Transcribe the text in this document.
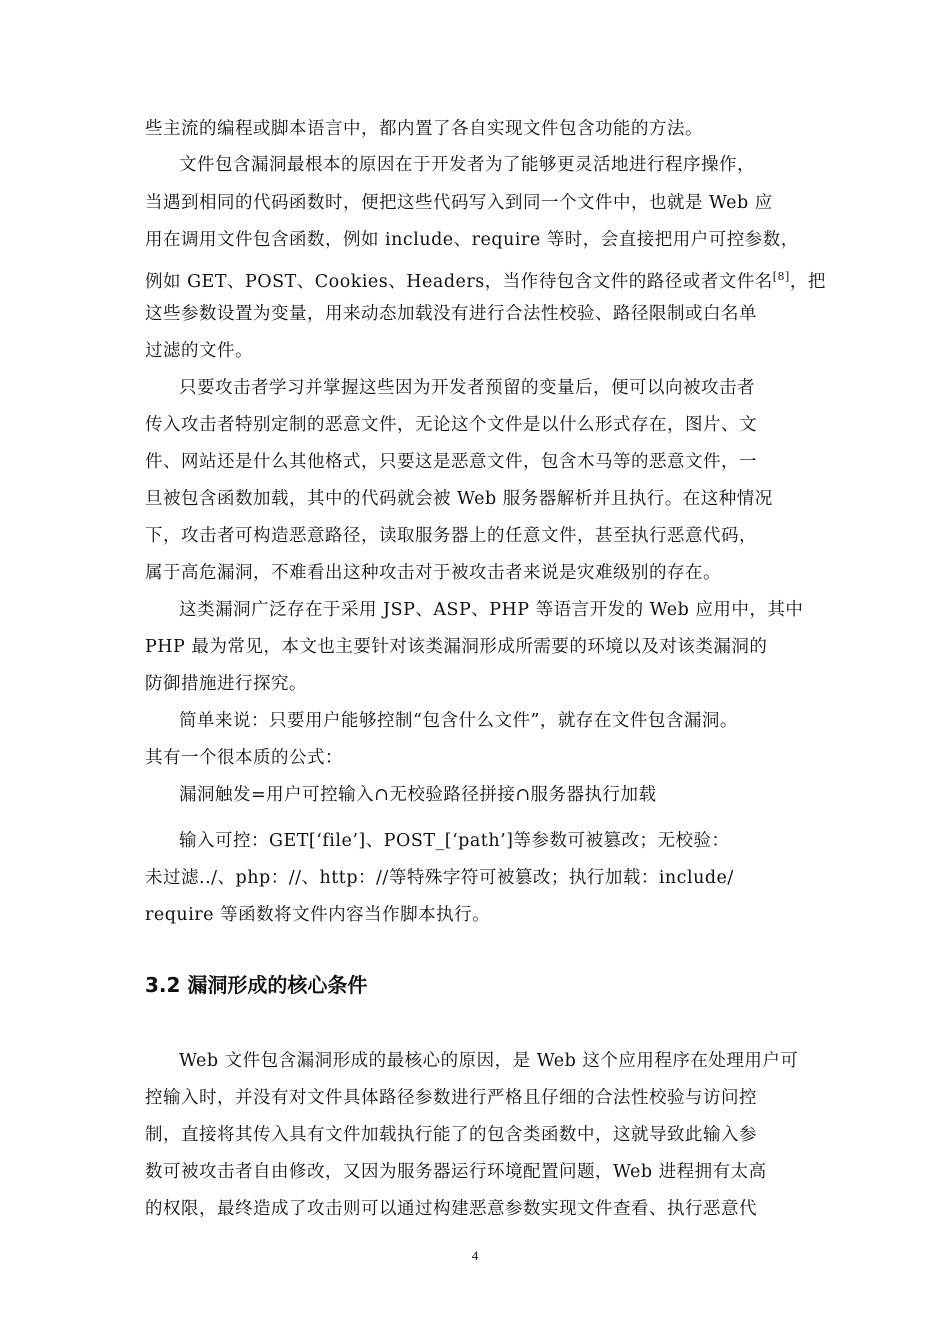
些主流的编程或脚本语言中，都内置了各自实现文件包含功能的方法。
文件包含漏洞最根本的原因在于开发者为了能够更灵活地进行程序操作，
当遇到相同的代码函数时，便把这些代码写入到同一个文件中，也就是 Web 应
用在调用文件包含函数，例如 include、require 等时，会直接把用户可控参数，
例如 GET、POST、Cookies、Headers，当作待包含文件的路径或者文件名[8]，把
这些参数设置为变量，用来动态加载没有进行合法性校验、路径限制或白名单
过滤的文件。
只要攻击者学习并掌握这些因为开发者预留的变量后，便可以向被攻击者
传入攻击者特别定制的恶意文件，无论这个文件是以什么形式存在，图片、文
件、网站还是什么其他格式，只要这是恶意文件，包含木马等的恶意文件，一
旦被包含函数加载，其中的代码就会被 Web 服务器解析并且执行。在这种情况
下，攻击者可构造恶意路径，读取服务器上的任意文件，甚至执行恶意代码，
属于高危漏洞，不难看出这种攻击对于被攻击者来说是灾难级别的存在。
这类漏洞广泛存在于采用 JSP、ASP、PHP 等语言开发的 Web 应用中，其中
PHP 最为常见，本文也主要针对该类漏洞形成所需要的环境以及对该类漏洞的
防御措施进行探究。
简单来说：只要用户能够控制“包含什么文件”，就存在文件包含漏洞。
其有一个很本质的公式：
漏洞触发=用户可控输入∩无校验路径拼接∩服务器执行加载
输入可控：GET[‘file’]、POST_[‘path’]等参数可被篡改；无校验：
未过滤../、php：//、http：//等特殊字符可被篡改；执行加载：include/
require 等函数将文件内容当作脚本执行。
3.2 漏洞形成的核心条件
Web 文件包含漏洞形成的最核心的原因，是 Web 这个应用程序在处理用户可
控输入时，并没有对文件具体路径参数进行严格且仔细的合法性校验与访问控
制，直接将其传入具有文件加载执行能了的包含类函数中，这就导致此输入参
数可被攻击者自由修改，又因为服务器运行环境配置问题，Web 进程拥有太高
的权限，最终造成了攻击则可以通过构建恶意参数实现文件查看、执行恶意代
4
